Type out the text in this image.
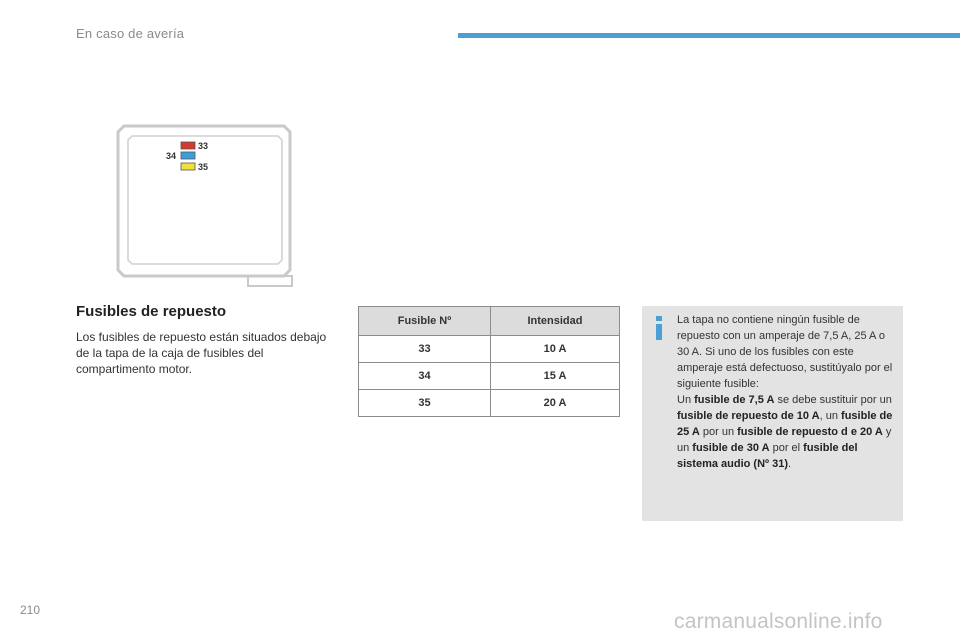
En caso de avería
33
34
35
Fusibles de repuesto
Los fusibles de repuesto están situados debajo de la tapa de la caja de fusibles del compartimento motor.
Fusible Nº	Intensidad
33	10 A
34	15 A
35	20 A
La tapa no contiene ningún fusible de repuesto con un amperaje de 7,5 A, 25 A o 30 A. Si uno de los fusibles con este amperaje está defectuoso, sustitúyalo por el siguiente fusible:
Un fusible de 7,5 A se debe sustituir por un fusible de repuesto de 10 A, un fusible de 25 A por un fusible de repuesto d e 20 A y un fusible de 30 A por el fusible del sistema audio (Nº 31).
210	carmanualsonline.info
